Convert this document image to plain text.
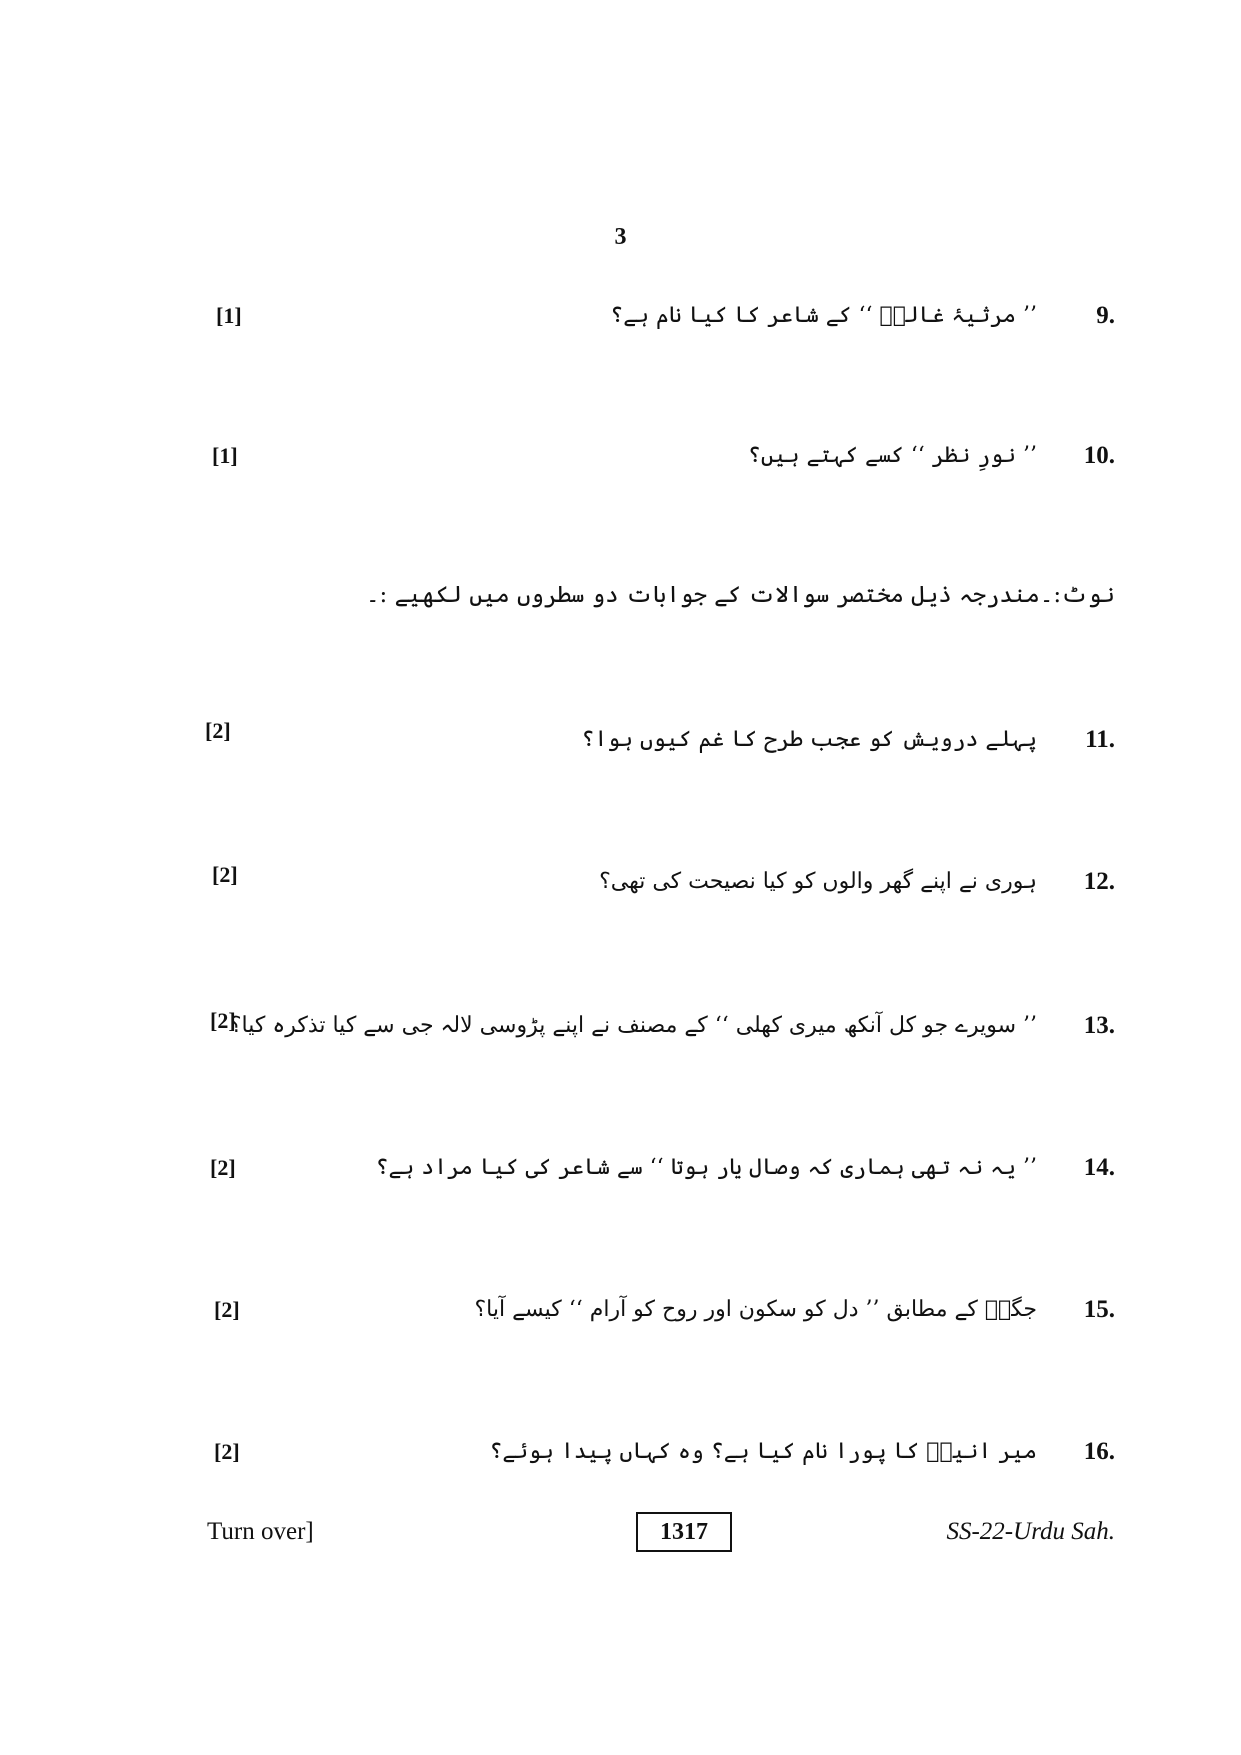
3
9.
’’ مرثیۂ غالبؔ ‘‘ کے شاعر کا کیا نام ہے؟
[1]
10.
’’ نورِ نظر ‘‘ کسے کہتے ہیں؟
[1]
نوٹ:۔مندرجہ ذیل مختصر سوالات کے جوابات دو سطروں میں لکھیے :۔
11.
پہلے درویش کو عجب طرح کا غم کیوں ہوا؟
[2]
12.
ہوری نے اپنے گھر والوں کو کیا نصیحت کی تھی؟
[2]
13.
’’ سویرے جو کل آنکھ میری کھلی ‘‘ کے مصنف نے اپنے پڑوسی لالہ جی سے کیا تذکرہ کیا؟
[2]
14.
’’ یہ نہ تھی ہماری کہ وصال یار ہوتا ‘‘ سے شاعر کی کیا مراد ہے؟
[2]
15.
جگرؔ کے مطابق ’’ دل کو سکون اور روح کو آرام ‘‘ کیسے آیا؟
[2]
16.
میر انیسؔ کا پورا نام کیا ہے؟ وہ کہاں پیدا ہوئے؟
[2]
Turn over]	1317	SS-22-Urdu Sah.
